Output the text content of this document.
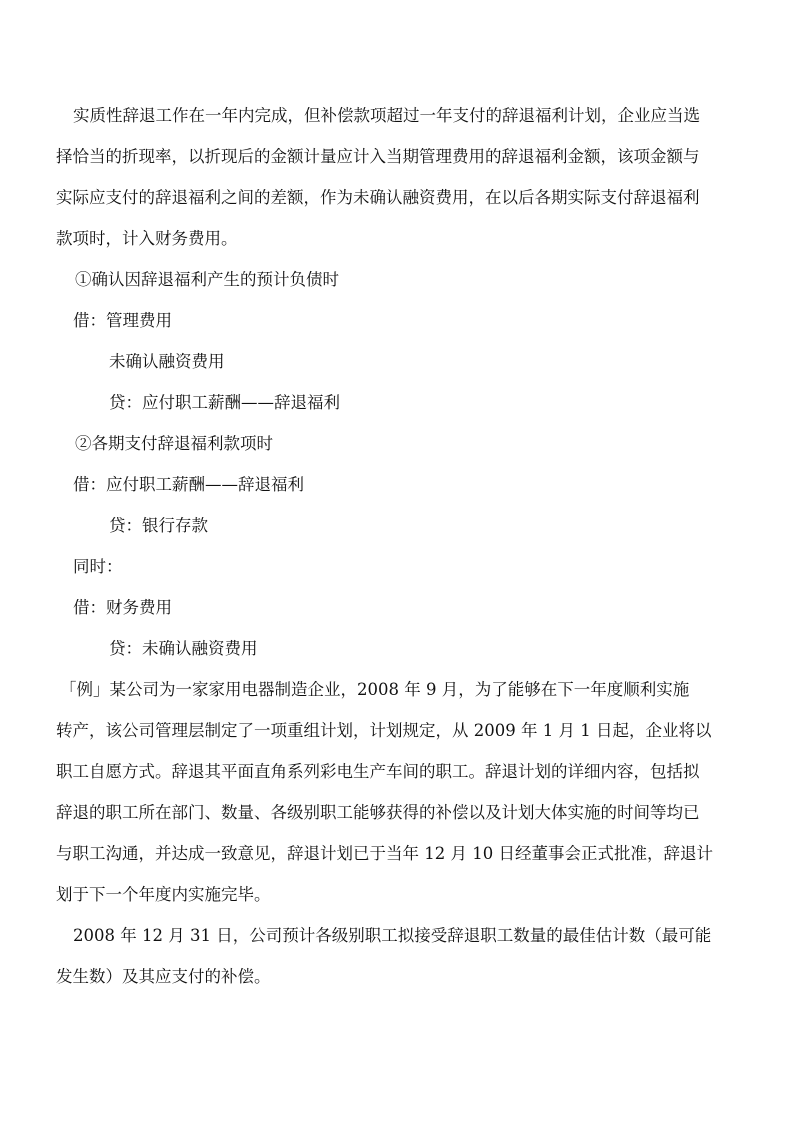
实质性辞退工作在一年内完成，但补偿款项超过一年支付的辞退福利计划，企业应当选
择恰当的折现率，以折现后的金额计量应计入当期管理费用的辞退福利金额，该项金额与
实际应支付的辞退福利之间的差额，作为未确认融资费用，在以后各期实际支付辞退福利
款项时，计入财务费用。
①确认因辞退福利产生的预计负债时
借：管理费用
未确认融资费用
贷：应付职工薪酬——辞退福利
②各期支付辞退福利款项时
借：应付职工薪酬——辞退福利
贷：银行存款
同时：
借：财务费用
贷：未确认融资费用
「例」某公司为一家家用电器制造企业，2008 年 9 月，为了能够在下一年度顺利实施
转产，该公司管理层制定了一项重组计划，计划规定，从 2009 年 1 月 1 日起，企业将以
职工自愿方式。辞退其平面直角系列彩电生产车间的职工。辞退计划的详细内容，包括拟
辞退的职工所在部门、数量、各级别职工能够获得的补偿以及计划大体实施的时间等均已
与职工沟通，并达成一致意见，辞退计划已于当年 12 月 10 日经董事会正式批准，辞退计
划于下一个年度内实施完毕。
2008 年 12 月 31 日，公司预计各级别职工拟接受辞退职工数量的最佳估计数（最可能
发生数）及其应支付的补偿。
